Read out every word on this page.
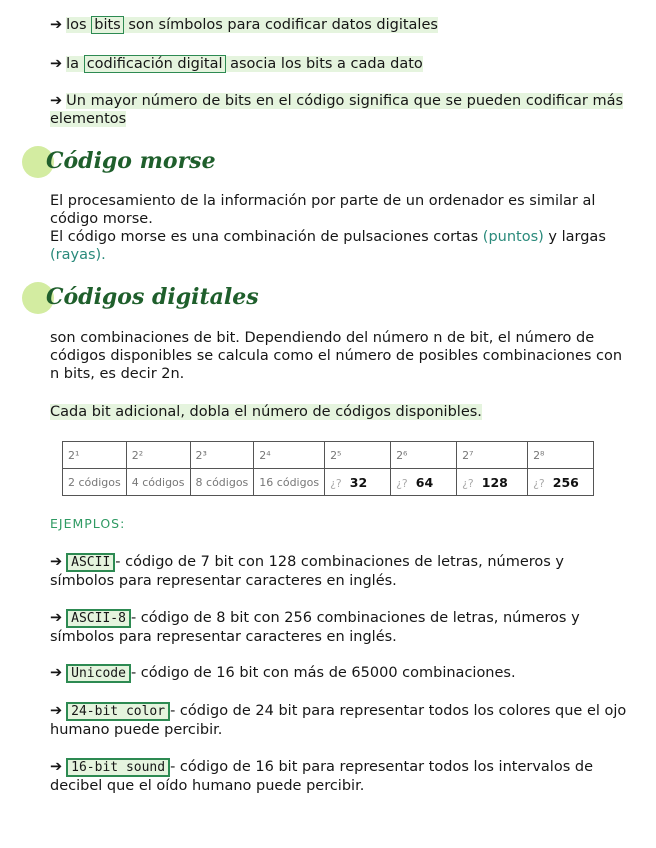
➔ los bits son símbolos para codificar datos digitales
➔ la codificación digital asocia los bits a cada dato
➔ Un mayor número de bits en el código significa que se pueden codificar más elementos
Código morse
El procesamiento de la información por parte de un ordenador es similar al código morse.
El código morse es una combinación de pulsaciones cortas (puntos) y largas (rayas).
Códigos digitales
son combinaciones de bit. Dependiendo del número n de bit, el número de códigos disponibles se calcula como el número de posibles combinaciones con n bits, es decir 2n.
Cada bit adicional, dobla el número de códigos disponibles.
2¹	2²	2³	2⁴	2⁵	2⁶	2⁷	2⁸
2 códigos	4 códigos	8 códigos	16 códigos	¿? 32	¿? 64	¿? 128	¿? 256
EJEMPLOS:
➔ ASCII - código de 7 bit con 128 combinaciones de letras, números y símbolos para representar caracteres en inglés.
➔ ASCII-8 - código de 8 bit con 256 combinaciones de letras, números y símbolos para representar caracteres en inglés.
➔ Unicode - código de 16 bit con más de 65000 combinaciones.
➔ 24-bit color - código de 24 bit para representar todos los colores que el ojo humano puede percibir.
➔ 16-bit sound - código de 16 bit para representar todos los intervalos de decibel que el oído humano puede percibir.
